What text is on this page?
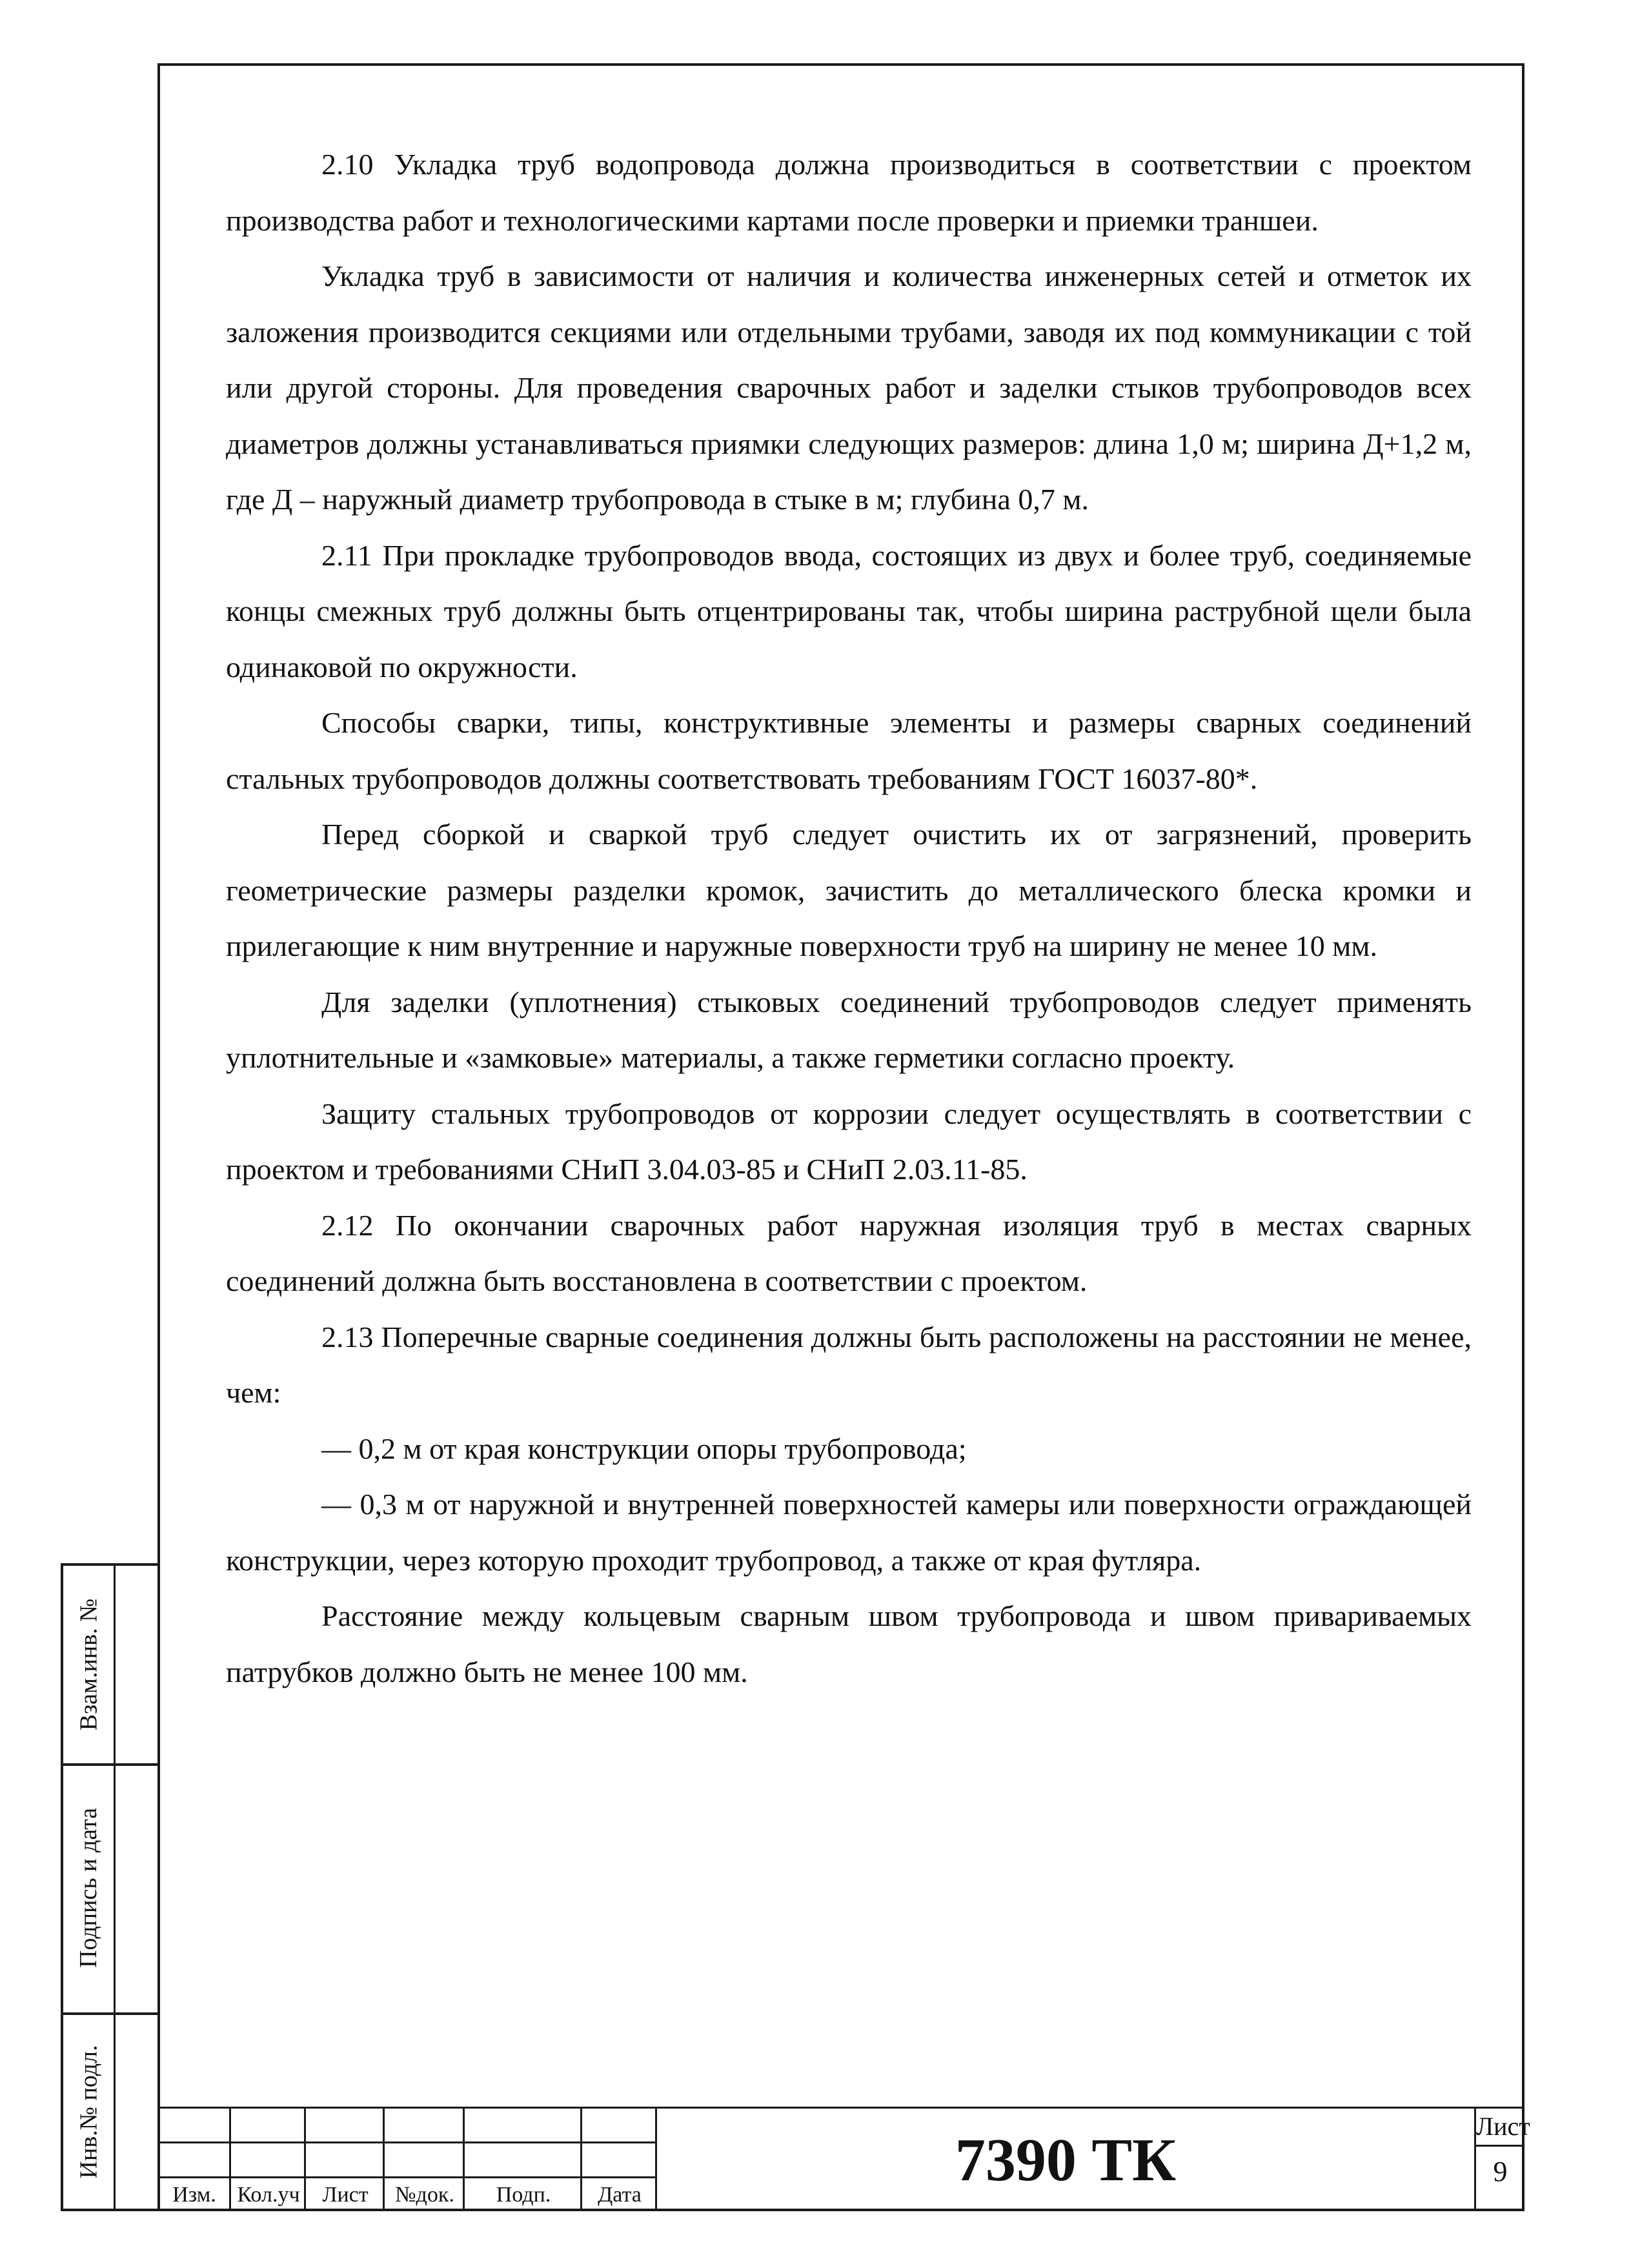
2.10 Укладка труб водопровода должна производиться в соответствии с проектом производства работ и технологическими картами после проверки и приемки траншеи.

Укладка труб в зависимости от наличия и количества инженерных сетей и отметок их заложения производится секциями или отдельными трубами, заводя их под коммуникации с той или другой стороны. Для проведения сварочных работ и заделки стыков трубопроводов всех диаметров должны устанавливаться приямки следующих размеров: длина 1,0 м; ширина Д+1,2 м, где Д – наружный диаметр трубопровода в стыке в м; глубина 0,7 м.

2.11 При прокладке трубопроводов ввода, состоящих из двух и более труб, соединяемые концы смежных труб должны быть отцентрированы так, чтобы ширина раструбной щели была одинаковой по окружности.

Способы сварки, типы, конструктивные элементы и размеры сварных соединений стальных трубопроводов должны соответствовать требованиям ГОСТ 16037-80*.

Перед сборкой и сваркой труб следует очистить их от загрязнений, проверить геометрические размеры разделки кромок, зачистить до металлического блеска кромки и прилегающие к ним внутренние и наружные поверхности труб на ширину не менее 10 мм.

Для заделки (уплотнения) стыковых соединений трубопроводов следует применять уплотнительные и «замковые» материалы, а также герметики согласно проекту.

Защиту стальных трубопроводов от коррозии следует осуществлять в соответствии с проектом и требованиями СНиП 3.04.03-85 и СНиП 2.03.11-85.

2.12 По окончании сварочных работ наружная изоляция труб в местах сварных соединений должна быть восстановлена в соответствии с проектом.

2.13 Поперечные сварные соединения должны быть расположены на расстоянии не менее, чем:

— 0,2 м от края конструкции опоры трубопровода;

— 0,3 м от наружной и внутренней поверхностей камеры или поверхности ограждающей конструкции, через которую проходит трубопровод, а также от края футляра.

Расстояние между кольцевым сварным швом трубопровода и швом привариваемых патрубков должно быть не менее 100 мм.

Взам.инв. №
Подпись и дата
Инв.№ подл.
Изм. Кол.уч	Лист	№док.	Подп.	Дата
7390 ТК	Лист
9
